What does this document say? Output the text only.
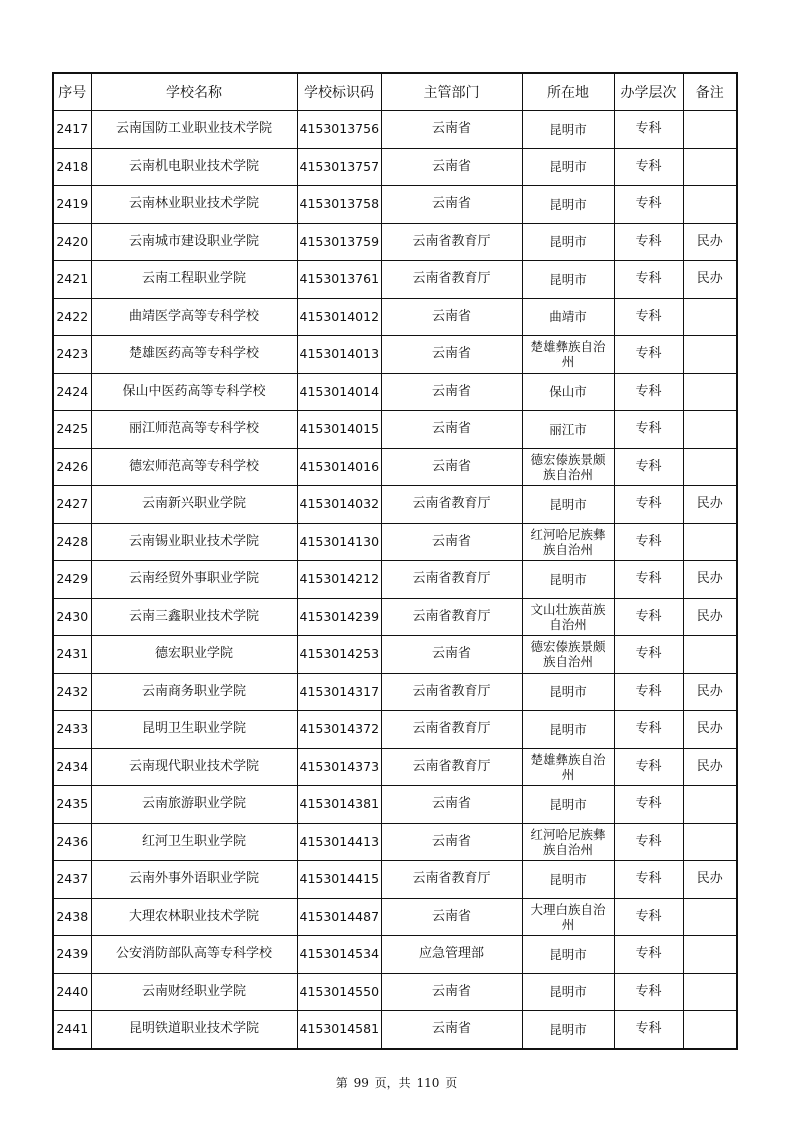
序号	学校名称	学校标识码	主管部门	所在地	办学层次	备注
2417	云南国防工业职业技术学院	4153013756	云南省	昆明市	专科	
2418	云南机电职业技术学院	4153013757	云南省	昆明市	专科	
2419	云南林业职业技术学院	4153013758	云南省	昆明市	专科	
2420	云南城市建设职业学院	4153013759	云南省教育厅	昆明市	专科	民办
2421	云南工程职业学院	4153013761	云南省教育厅	昆明市	专科	民办
2422	曲靖医学高等专科学校	4153014012	云南省	曲靖市	专科	
2423	楚雄医药高等专科学校	4153014013	云南省	楚雄彝族自治州	专科	
2424	保山中医药高等专科学校	4153014014	云南省	保山市	专科	
2425	丽江师范高等专科学校	4153014015	云南省	丽江市	专科	
2426	德宏师范高等专科学校	4153014016	云南省	德宏傣族景颇族自治州	专科	
2427	云南新兴职业学院	4153014032	云南省教育厅	昆明市	专科	民办
2428	云南锡业职业技术学院	4153014130	云南省	红河哈尼族彝族自治州	专科	
2429	云南经贸外事职业学院	4153014212	云南省教育厅	昆明市	专科	民办
2430	云南三鑫职业技术学院	4153014239	云南省教育厅	文山壮族苗族自治州	专科	民办
2431	德宏职业学院	4153014253	云南省	德宏傣族景颇族自治州	专科	
2432	云南商务职业学院	4153014317	云南省教育厅	昆明市	专科	民办
2433	昆明卫生职业学院	4153014372	云南省教育厅	昆明市	专科	民办
2434	云南现代职业技术学院	4153014373	云南省教育厅	楚雄彝族自治州	专科	民办
2435	云南旅游职业学院	4153014381	云南省	昆明市	专科	
2436	红河卫生职业学院	4153014413	云南省	红河哈尼族彝族自治州	专科	
2437	云南外事外语职业学院	4153014415	云南省教育厅	昆明市	专科	民办
2438	大理农林职业技术学院	4153014487	云南省	大理白族自治州	专科	
2439	公安消防部队高等专科学校	4153014534	应急管理部	昆明市	专科	
2440	云南财经职业学院	4153014550	云南省	昆明市	专科	
2441	昆明铁道职业技术学院	4153014581	云南省	昆明市	专科	
第 99 页，共 110 页
